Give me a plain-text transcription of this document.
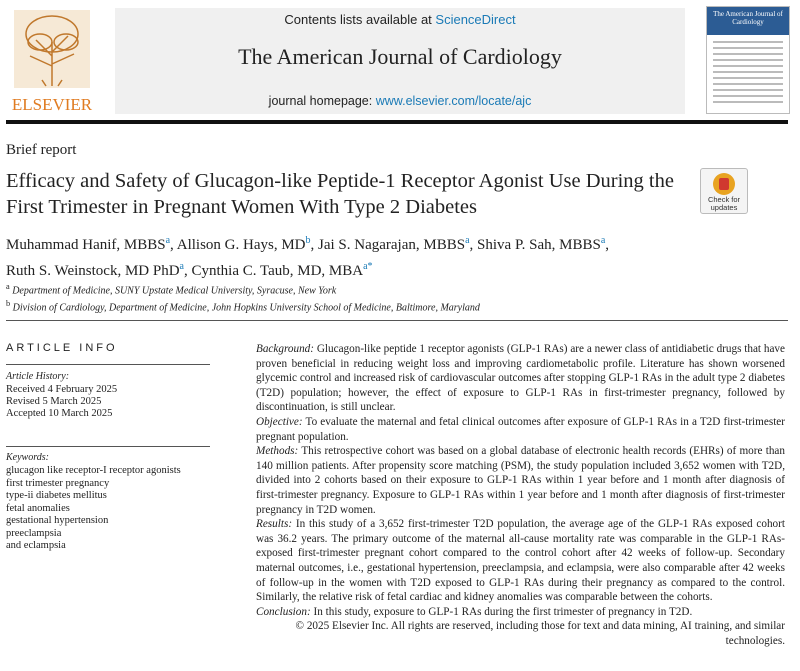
ELSEVIER
Contents lists available at ScienceDirect
The American Journal of Cardiology
journal homepage: www.elsevier.com/locate/ajc
The American Journal of Cardiology
Brief report
Efficacy and Safety of Glucagon-like Peptide-1 Receptor Agonist Use During the First Trimester in Pregnant Women With Type 2 Diabetes	Check for updates
Muhammad Hanif, MBBS$^a$, Allison G. Hays, $MD^b$, Jai S. Nagarajan, MBBS$^a$, Shiva P. Sah, MBBS$^a$,
Ruth S. Weinstock, MD PhD$^a$, Cynthia C. Taub, MD, $MBA^{a*}$
$^a$ Department of Medicine, SUNY Upstate Medical University, Syracuse, New York
$^b$ Division of Cardiology, Department of Medicine, John Hopkins University School of Medicine, Baltimore, Maryland
ARTICLE INFO
Article History:
Received 4 February 2025
Revised 5 March 2025
Accepted 10 March 2025
Keywords:
glucagon like receptor-I receptor agonists
first trimester pregnancy
type-ii diabetes mellitus
fetal anomalies
gestational hypertension
preeclampsia
and eclampsia

Background: Glucagon-like peptide 1 receptor agonists (GLP-1 RAs) are a newer class of antidiabetic drugs that have proven beneficial in reducing weight loss and improving cardiometabolic profile. Literature has shown worsened glycemic control and increased risk of cardiovascular outcomes after stopping GLP-1 RAs in the adult type 2 diabetes (T2D) population; however, the effect of exposure to GLP-1 RAs in first-trimester pregnancy, followed by discontinuation, is still unclear.

Objective: To evaluate the maternal and fetal clinical outcomes after exposure of GLP-1 RAs in a T2D first-trimester pregnant population.

Methods: This retrospective cohort was based on a global database of electronic health records (EHRs) of more than 140 million patients. After propensity score matching (PSM), the study population included 3,652 women with T2D, divided into 2 cohorts based on their exposure to GLP-1 RAs within 1 year before and 1 month after diagnosis of first-trimester pregnancy. Exposure to GLP-1 RAs within 1 year before and 1 month after diagnosis of first-trimester pregnancy in T2D women.

Results: In this study of a 3,652 first-trimester T2D population, the average age of the GLP-1 RAs exposed cohort was 36.2 years. The primary outcome of the maternal all-cause mortality rate was comparable in the GLP-1 RAs-exposed first-trimester pregnant cohort compared to the control cohort after 42 weeks of follow-up. Secondary maternal outcomes, i.e., gestational hypertension, preeclampsia, and eclampsia, were also comparable after 42 weeks of follow-up in the women with T2D exposed to GLP-1 RAs during their pregnancy as compared to the control. Similarly, the relative risk of fetal cardiac and kidney anomalies was comparable between the cohorts.

Conclusion: In this study, exposure to GLP-1 RAs during the first trimester of pregnancy in T2D.

© 2025 Elsevier Inc. All rights are reserved, including those for text and data mining, AI training, and similar technologies.
